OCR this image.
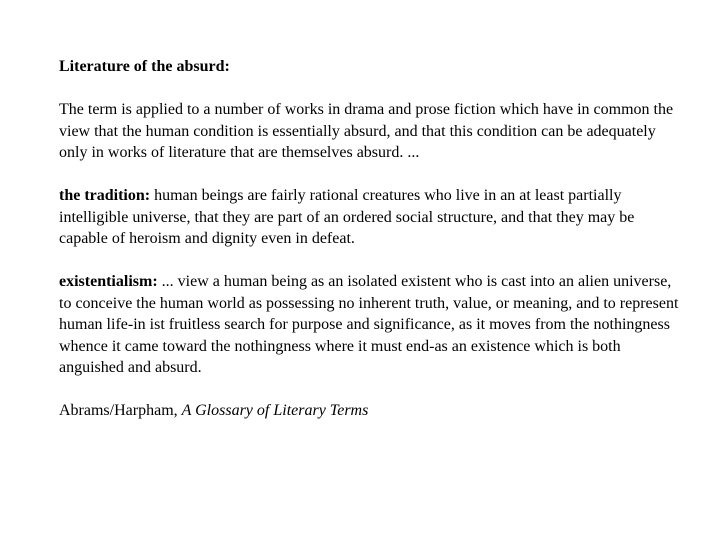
Literature of the absurd:

The term is applied to a number of works in drama and prose fiction which have in common the view that the human condition is essentially absurd, and that this condition can be adequately only in works of literature that are themselves absurd. ...

the tradition: human beings are fairly rational creatures who live in an at least partially intelligible universe, that they are part of an ordered social structure, and that they may be capable of heroism and dignity even in defeat.

existentialism: ... view a human being as an isolated existent who is cast into an alien universe, to conceive the human world as possessing no inherent truth, value, or meaning, and to represent human life-in ist fruitless search for purpose and significance, as it moves from the nothingness whence it came toward the nothingness where it must end-as an existence which is both anguished and absurd.

Abrams/Harpham, A Glossary of Literary Terms
